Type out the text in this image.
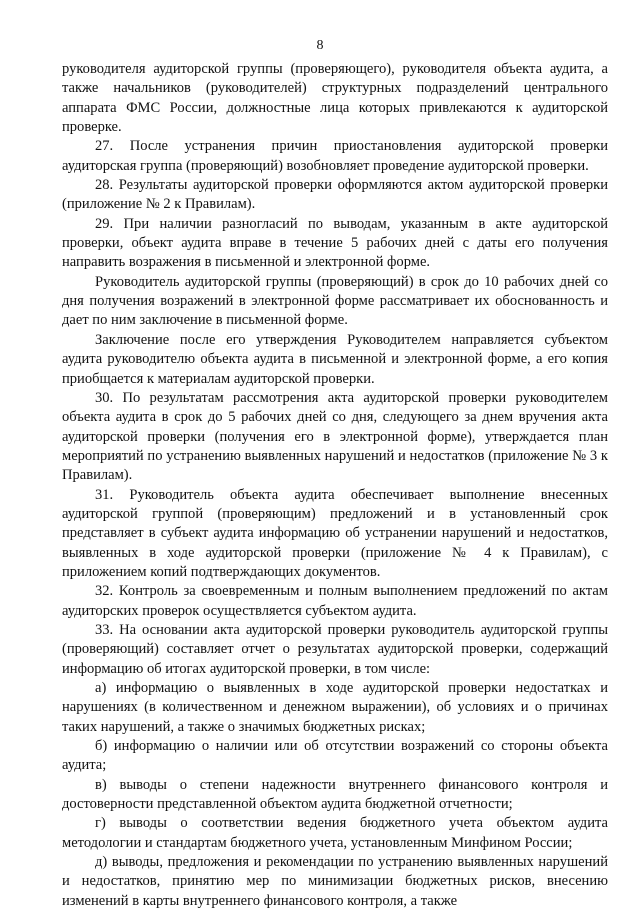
8

руководителя аудиторской группы (проверяющего), руководителя объекта аудита, а также начальников (руководителей) структурных подразделений центрального аппарата ФМС России, должностные лица которых привлекаются к аудиторской проверке.

27. После устранения причин приостановления аудиторской проверки аудиторская группа (проверяющий) возобновляет проведение аудиторской проверки.

28. Результаты аудиторской проверки оформляются актом аудиторской проверки (приложение № 2 к Правилам).

29. При наличии разногласий по выводам, указанным в акте аудиторской проверки, объект аудита вправе в течение 5 рабочих дней с даты его получения направить возражения в письменной и электронной форме.

Руководитель аудиторской группы (проверяющий) в срок до 10 рабочих дней со дня получения возражений в электронной форме рассматривает их обоснованность и дает по ним заключение в письменной форме.

Заключение после его утверждения Руководителем направляется субъектом аудита руководителю объекта аудита в письменной и электронной форме, а его копия приобщается к материалам аудиторской проверки.

30. По результатам рассмотрения акта аудиторской проверки руководителем объекта аудита в срок до 5 рабочих дней со дня, следующего за днем вручения акта аудиторской проверки (получения его в электронной форме), утверждается план мероприятий по устранению выявленных нарушений и недостатков (приложение № 3 к Правилам).

31. Руководитель объекта аудита обеспечивает выполнение внесенных аудиторской группой (проверяющим) предложений и в установленный срок представляет в субъект аудита информацию об устранении нарушений и недостатков, выявленных в ходе аудиторской проверки (приложение № 4 к Правилам), с приложением копий подтверждающих документов.

32. Контроль за своевременным и полным выполнением предложений по актам аудиторских проверок осуществляется субъектом аудита.

33. На основании акта аудиторской проверки руководитель аудиторской группы (проверяющий) составляет отчет о результатах аудиторской проверки, содержащий информацию об итогах аудиторской проверки, в том числе:

а) информацию о выявленных в ходе аудиторской проверки недостатках и нарушениях (в количественном и денежном выражении), об условиях и о причинах таких нарушений, а также о значимых бюджетных рисках;

б) информацию о наличии или об отсутствии возражений со стороны объекта аудита;

в) выводы о степени надежности внутреннего финансового контроля и достоверности представленной объектом аудита бюджетной отчетности;

г) выводы о соответствии ведения бюджетного учета объектом аудита методологии и стандартам бюджетного учета, установленным Минфином России;

д) выводы, предложения и рекомендации по устранению выявленных нарушений и недостатков, принятию мер по минимизации бюджетных рисков, внесению изменений в карты внутреннего финансового контроля, а также
